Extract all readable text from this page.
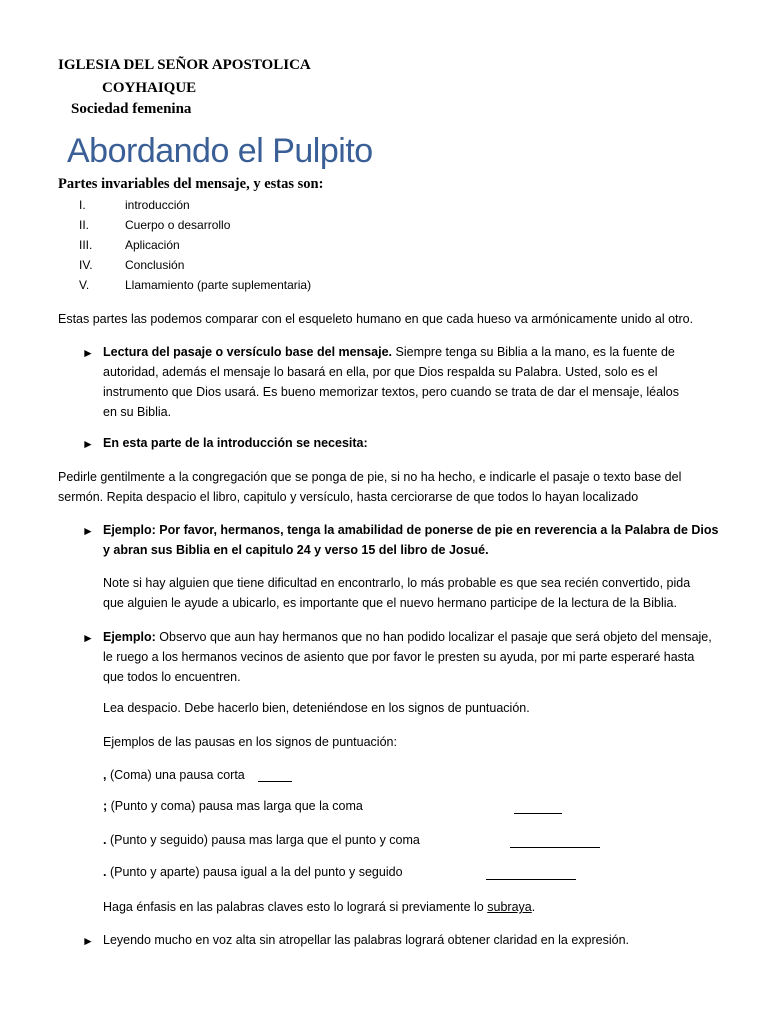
IGLESIA DEL SEÑOR APOSTOLICA
COYHAIQUE
Sociedad femenina
Abordando el Pulpito
Partes invariables del mensaje, y estas son:
I.	introducción
II.	Cuerpo o desarrollo
III.	Aplicación
IV.	Conclusión
V.	Llamamiento (parte suplementaria)
Estas partes las podemos comparar con el esqueleto humano en que cada hueso va armónicamente unido al otro.
► Lectura del pasaje o versículo base del mensaje. Siempre tenga su Biblia a la mano, es la fuente de autoridad, además el mensaje lo basará en ella, por que Dios respalda su Palabra. Usted, solo es el instrumento que Dios usará. Es bueno memorizar textos, pero cuando se trata de dar el mensaje, léalos en su Biblia.
► En esta parte de la introducción se necesita:
Pedirle gentilmente a la congregación que se ponga de pie, si no ha hecho, e indicarle el pasaje o texto base del sermón. Repita despacio el libro, capitulo y versículo, hasta cerciorarse de que todos lo hayan localizado
► Ejemplo: Por favor, hermanos, tenga la amabilidad de ponerse de pie en reverencia a la Palabra de Dios y abran sus Biblia en el capitulo 24 y verso 15 del libro de Josué.
Note si hay alguien que tiene dificultad en encontrarlo, lo más probable es que sea recién convertido, pida que alguien le ayude a ubicarlo, es importante que el nuevo hermano participe de la lectura de la Biblia.
► Ejemplo: Observo que aun hay hermanos que no han podido localizar el pasaje que será objeto del mensaje, le ruego a los hermanos vecinos de asiento que por favor le presten su ayuda, por mi parte esperaré hasta que todos lo encuentren.
Lea despacio. Debe hacerlo bien, deteniéndose en los signos de puntuación.
Ejemplos de las pausas en los signos de puntuación:
, (Coma) una pausa corta
; (Punto y coma) pausa mas larga que la coma
. (Punto y seguido) pausa mas larga que el punto y coma
. (Punto y aparte) pausa igual a la del punto y seguido
Haga énfasis en las palabras claves esto lo logrará si previamente lo subraya.
► Leyendo mucho en voz alta sin atropellar las palabras logrará obtener claridad en la expresión.
